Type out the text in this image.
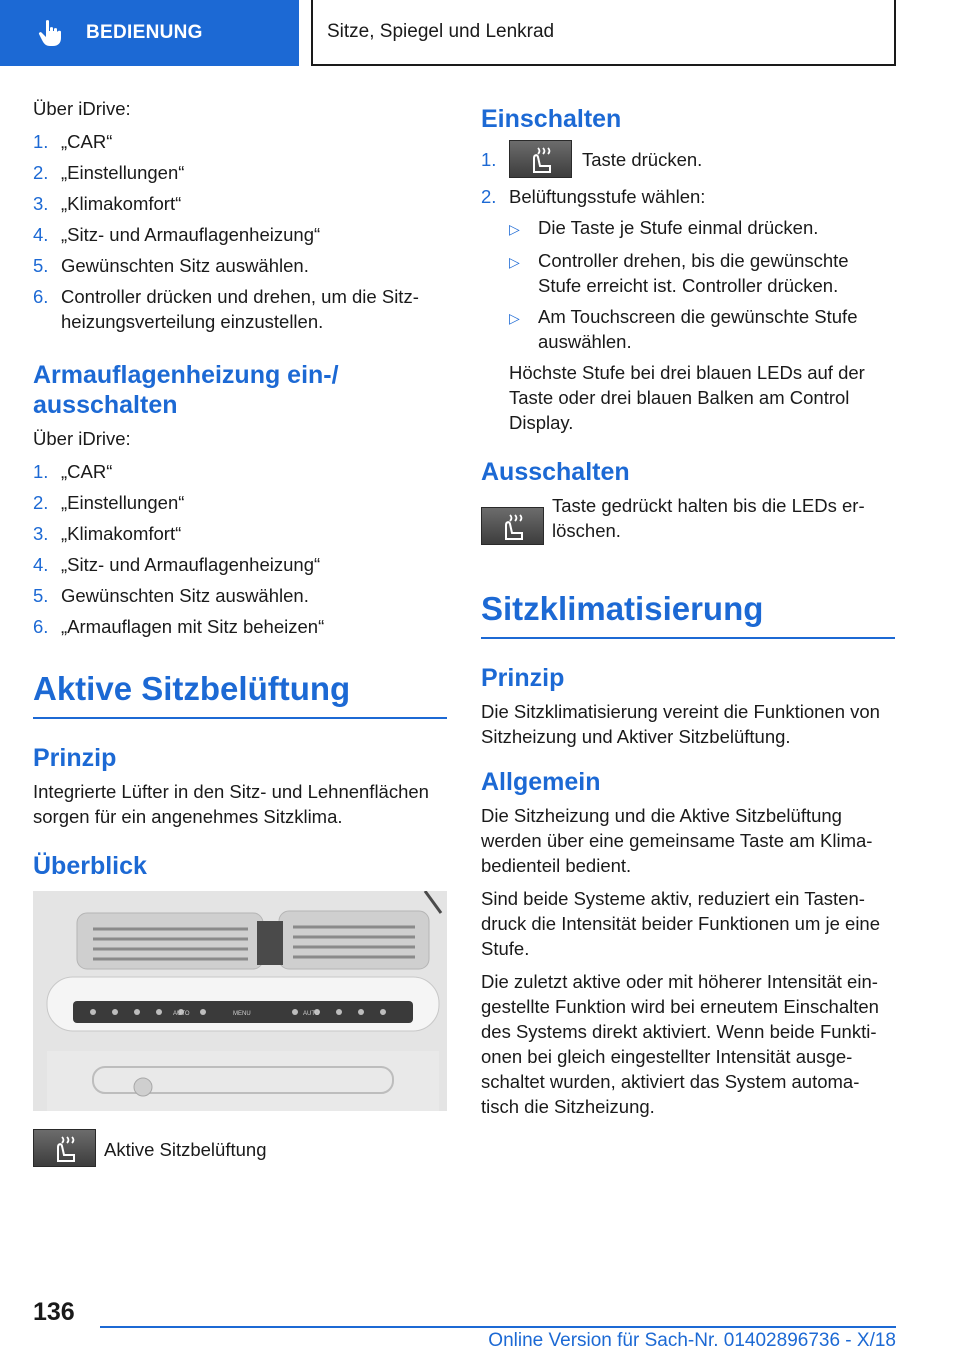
BEDIENUNG	Sitze, Spiegel und Lenkrad

Über iDrive:

1. „CAR“
2. „Einstellungen“
3. „Klimakomfort“
4. „Sitz- und Armauflagenheizung“
5. Gewünschten Sitz auswählen.
6. Controller drücken und drehen, um die Sitz-heizungsverteilung einzustellen.
Armauflagenheizung ein-/ ausschalten

Über iDrive:

1. „CAR“
2. „Einstellungen“
3. „Klimakomfort“
4. „Sitz- und Armauflagenheizung“
5. Gewünschten Sitz auswählen.
6. „Armauflagen mit Sitz beheizen“
Aktive Sitzbelüftung
Prinzip

Integrierte Lüfter in den Sitz- und Lehnenflächen sorgen für ein angenehmes Sitzklima.

Überblick
AUTO	MENU	AUTO
Aktive Sitzbelüftung
Einschalten
1.	Taste drücken.
2. Belüftungsstufe wählen:
▷ Die Taste je Stufe einmal drücken.
▷ Controller drehen, bis die gewünschte Stufe erreicht ist. Controller drücken.
▷ Am Touchscreen die gewünschte Stufe auswählen.

Höchste Stufe bei drei blauen LEDs auf der Taste oder drei blauen Balken am Control Display.

Ausschalten
Taste gedrückt halten bis die LEDs er-löschen.
Sitzklimatisierung
Prinzip

Die Sitzklimatisierung vereint die Funktionen von Sitzheizung und Aktiver Sitzbelüftung.

Allgemein

Die Sitzheizung und die Aktive Sitzbelüftung werden über eine gemeinsame Taste am Klima-bedienteil bedient.

Sind beide Systeme aktiv, reduziert ein Tasten-druck die Intensität beider Funktionen um je eine Stufe.

Die zuletzt aktive oder mit höherer Intensität ein-gestellte Funktion wird bei erneutem Einschalten des Systems direkt aktiviert. Wenn beide Funkti-onen bei gleich eingestellter Intensität ausge-schaltet wurden, aktiviert das System automa-tisch die Sitzheizung.

136
Online Version für Sach-Nr. 01402896736 - X/18
